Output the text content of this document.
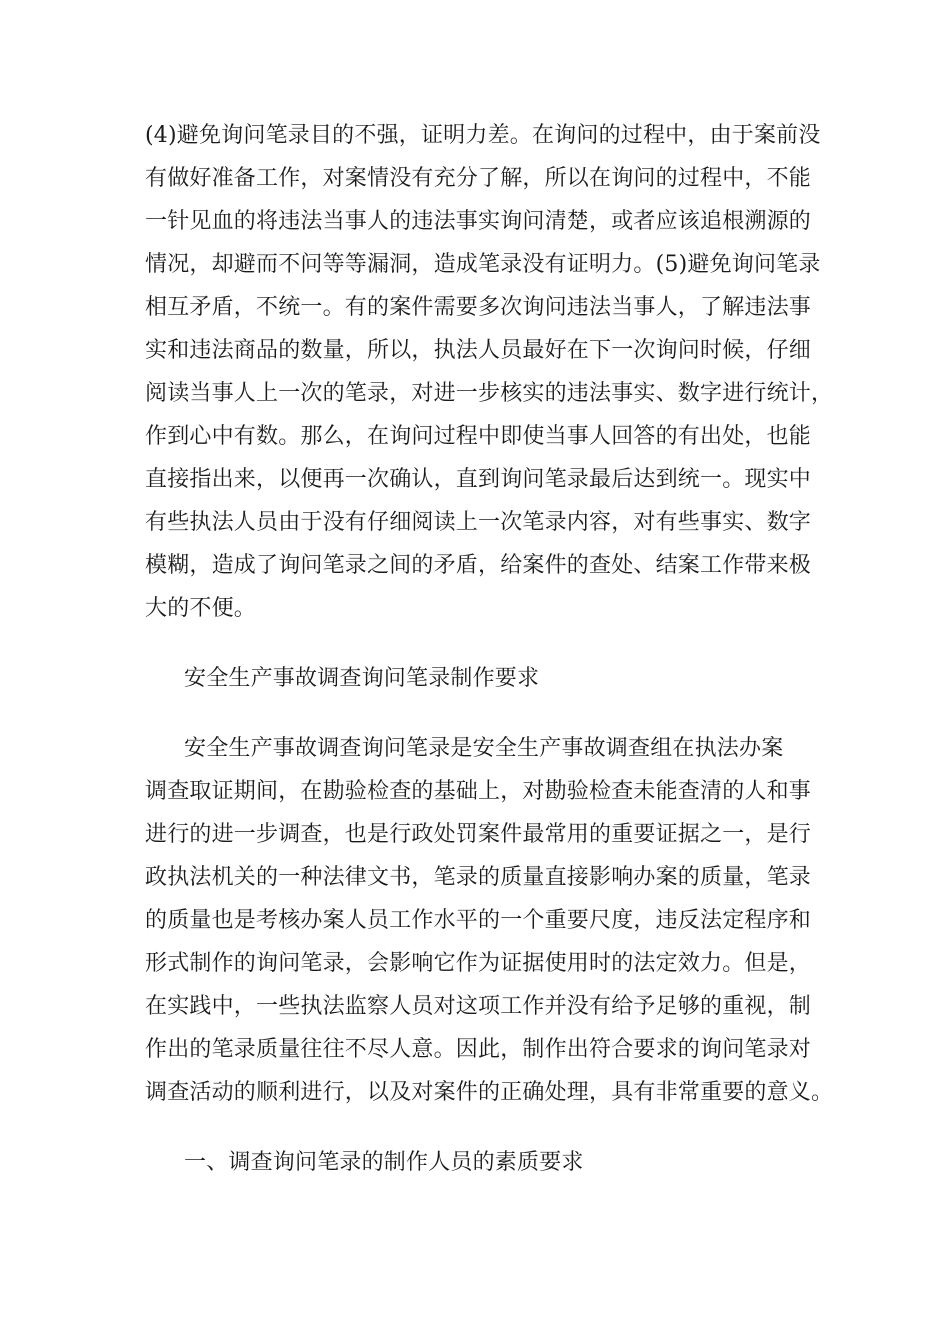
(4)避免询问笔录目的不强，证明力差。在询问的过程中，由于案前没
有做好准备工作，对案情没有充分了解，所以在询问的过程中，不能
一针见血的将违法当事人的违法事实询问清楚，或者应该追根溯源的
情况，却避而不问等等漏洞，造成笔录没有证明力。(5)避免询问笔录
相互矛盾，不统一。有的案件需要多次询问违法当事人，了解违法事
实和违法商品的数量，所以，执法人员最好在下一次询问时候，仔细
阅读当事人上一次的笔录，对进一步核实的违法事实、数字进行统计，
作到心中有数。那么，在询问过程中即使当事人回答的有出处，也能
直接指出来，以便再一次确认，直到询问笔录最后达到统一。现实中
有些执法人员由于没有仔细阅读上一次笔录内容，对有些事实、数字
模糊，造成了询问笔录之间的矛盾，给案件的查处、结案工作带来极
大的不便。
安全生产事故调查询问笔录制作要求
安全生产事故调查询问笔录是安全生产事故调查组在执法办案
调查取证期间，在勘验检查的基础上，对勘验检查未能查清的人和事
进行的进一步调查，也是行政处罚案件最常用的重要证据之一，是行
政执法机关的一种法律文书，笔录的质量直接影响办案的质量，笔录
的质量也是考核办案人员工作水平的一个重要尺度，违反法定程序和
形式制作的询问笔录，会影响它作为证据使用时的法定效力。但是，
在实践中，一些执法监察人员对这项工作并没有给予足够的重视，制
作出的笔录质量往往不尽人意。因此，制作出符合要求的询问笔录对
调查活动的顺利进行，以及对案件的正确处理，具有非常重要的意义。
一、调查询问笔录的制作人员的素质要求
